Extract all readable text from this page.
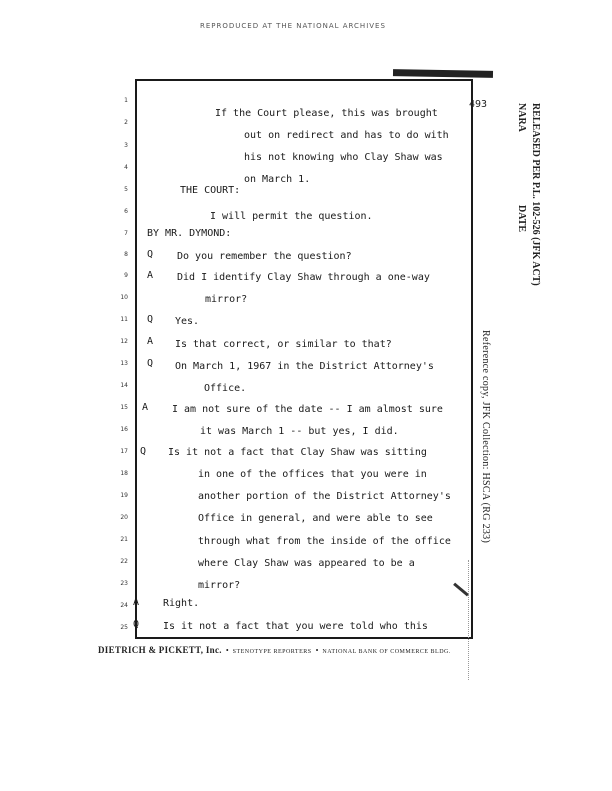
REPRODUCED AT THE NATIONAL ARCHIVES
493
1
2
3
4
5
6
7
8
9
10
11
12
13
14
15
16
17
18
19
20
21
22
23
24
25
Q
A
Q
A
Q
A
Q
A
Q
If the Court please, this was brought
out on redirect and has to do with
his not knowing who Clay Shaw was
on March 1.
THE COURT:
I will permit the question.
BY MR. DYMOND:
Do you remember the question?
Did I identify Clay Shaw through a one-way
mirror?
Yes.
Is that correct, or similar to that?
On March 1, 1967 in the District Attorney's
Office.
I am not sure of the date -- I am almost sure
it was March 1 -- but yes, I did.
Is it not a fact that Clay Shaw was sitting
in one of the offices that you were in
another portion of the District Attorney's
Office in general, and were able to see
through what from the inside of the office
where Clay Shaw was appeared to be a
mirror?
Right.
Is it not a fact that you were told who this
DIETRICH & PICKETT, Inc.  •  STENOTYPE REPORTERS  •  NATIONAL BANK OF COMMERCE BLDG.
RELEASED PER P.L. 102-526 (JFK ACT)
NARA
DATE
Reference copy, JFK Collection: HSCA (RG 233)
